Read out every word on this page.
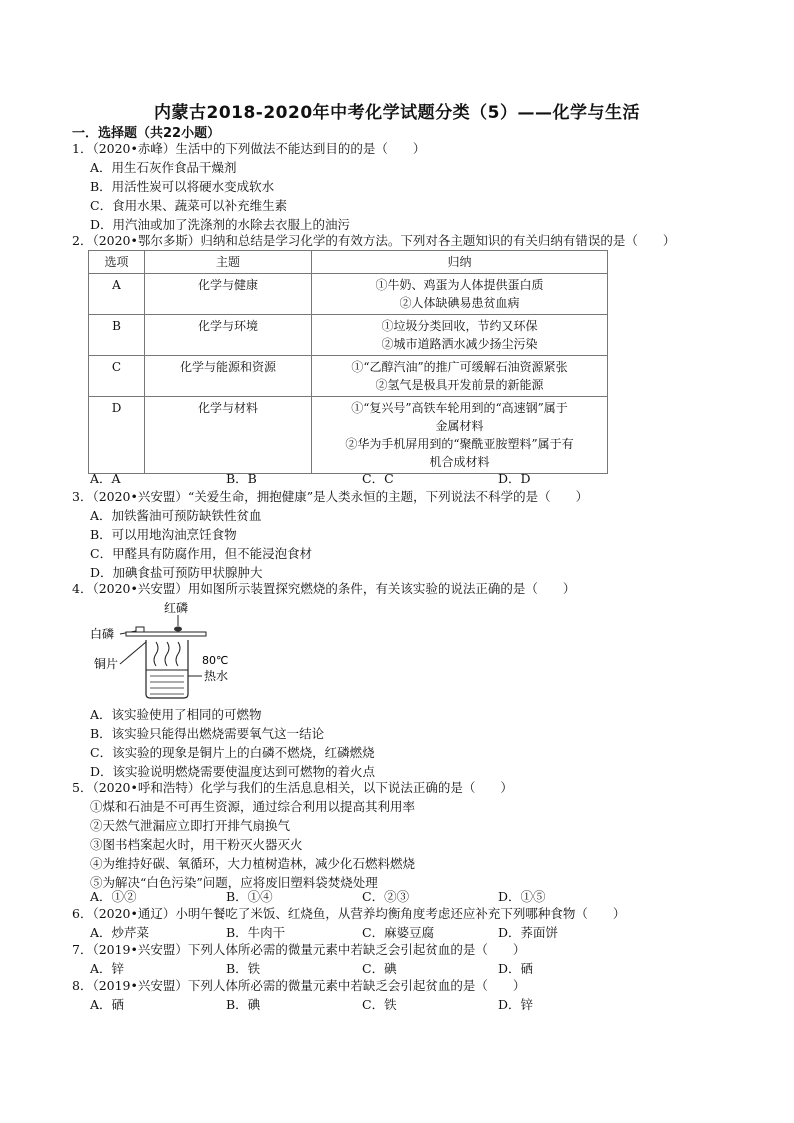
内蒙古2018-2020年中考化学试题分类（5）——化学与生活
一．选择题（共22小题）
1．（2020•赤峰）生活中的下列做法不能达到目的的是（　　）
A．用生石灰作食品干燥剂
B．用活性炭可以将硬水变成软水
C．食用水果、蔬菜可以补充维生素
D．用汽油或加了洗涤剂的水除去衣服上的油污
2．（2020•鄂尔多斯）归纳和总结是学习化学的有效方法。下列对各主题知识的有关归纳有错误的是（　　）
选项	主题	归纳
A	化学与健康	①牛奶、鸡蛋为人体提供蛋白质
②人体缺碘易患贫血病

B	化学与环境	①垃圾分类回收，节约又环保
②城市道路洒水减少扬尘污染

C	化学与能源和资源	①“乙醇汽油”的推广可缓解石油资源紧张
②氢气是极具开发前景的新能源

D	化学与材料	①“复兴号”高铁车轮用到的“高速钢”属于
金属材料
②华为手机屏用到的“聚酰亚胺塑料”属于有
机合成材料
A．A	B．B	C．C	D．D
3．（2020•兴安盟）“关爱生命，拥抱健康”是人类永恒的主题，下列说法不科学的是（　　）
A．加铁酱油可预防缺铁性贫血
B．可以用地沟油烹饪食物
C．甲醛具有防腐作用，但不能浸泡食材
D．加碘食盐可预防甲状腺肿大
4．（2020•兴安盟）用如图所示装置探究燃烧的条件，有关该实验的说法正确的是（　　）
红磷
白磷
铜片	80℃
热水
A．该实验使用了相同的可燃物
B．该实验只能得出燃烧需要氧气这一结论
C．该实验的现象是铜片上的白磷不燃烧，红磷燃烧
D．该实验说明燃烧需要使温度达到可燃物的着火点
5．（2020•呼和浩特）化学与我们的生活息息相关，以下说法正确的是（　　）
①煤和石油是不可再生资源，通过综合利用以提高其利用率
②天然气泄漏应立即打开排气扇换气
③图书档案起火时，用干粉灭火器灭火
④为维持好碳、氧循环，大力植树造林，减少化石燃料燃烧
⑤为解决“白色污染”问题，应将废旧塑料袋焚烧处理
A．①②	B．①④	C．②③	D．①⑤
6．（2020•通辽）小明午餐吃了米饭、红烧鱼，从营养均衡角度考虑还应补充下列哪种食物（　　）
A．炒芹菜	B．牛肉干	C．麻婆豆腐	D．荞面饼
7．（2019•兴安盟）下列人体所必需的微量元素中若缺乏会引起贫血的是（　　）
A．锌	B．铁	C．碘	D．硒
8．（2019•兴安盟）下列人体所必需的微量元素中若缺乏会引起贫血的是（　　）
A．硒	B．碘	C．铁	D．锌
